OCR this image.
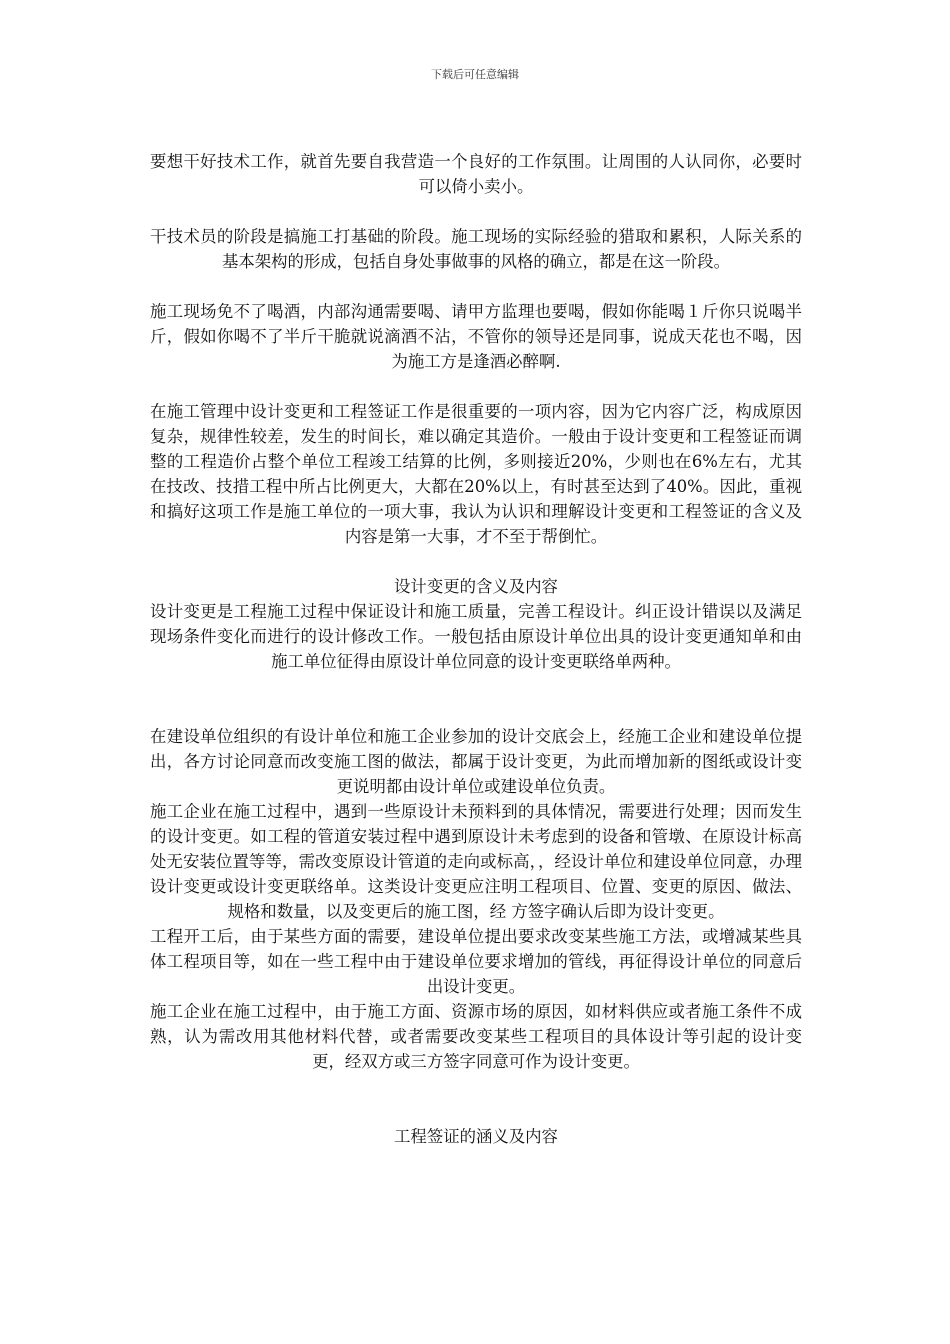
下载后可任意编辑

要想干好技术工作，就首先要自我营造一个良好的工作氛围。让周围的人认同你，必要时可以倚小卖小。

干技术员的阶段是搞施工打基础的阶段。施工现场的实际经验的猎取和累积，人际关系的基本架构的形成，包括自身处事做事的风格的确立，都是在这一阶段。

施工现场免不了喝酒，内部沟通需要喝、请甲方监理也要喝，假如你能喝１斤你只说喝半斤，假如你喝不了半斤干脆就说滴酒不沾，不管你的领导还是同事，说成天花也不喝，因为施工方是逢酒必醉啊.

在施工管理中设计变更和工程签证工作是很重要的一项内容，因为它内容广泛，构成原因复杂，规律性较差，发生的时间长，难以确定其造价。一般由于设计变更和工程签证而调整的工程造价占整个单位工程竣工结算的比例，多则接近20%，少则也在6%左右，尤其在技改、技措工程中所占比例更大，大都在20%以上，有时甚至达到了40%。因此，重视和搞好这项工作是施工单位的一项大事，我认为认识和理解设计变更和工程签证的含义及内容是第一大事，才不至于帮倒忙。

设计变更的含义及内容

设计变更是工程施工过程中保证设计和施工质量，完善工程设计。纠正设计错误以及满足现场条件变化而进行的设计修改工作。一般包括由原设计单位出具的设计变更通知单和由施工单位征得由原设计单位同意的设计变更联络单两种。

在建设单位组织的有设计单位和施工企业参加的设计交底会上，经施工企业和建设单位提出，各方讨论同意而改变施工图的做法，都属于设计变更，为此而增加新的图纸或设计变更说明都由设计单位或建设单位负责。

施工企业在施工过程中，遇到一些原设计未预料到的具体情况，需要进行处理；因而发生的设计变更。如工程的管道安装过程中遇到原设计未考虑到的设备和管墩、在原设计标高处无安装位置等等，需改变原设计管道的走向或标高，，经设计单位和建设单位同意，办理设计变更或设计变更联络单。这类设计变更应注明工程项目、位置、变更的原因、做法、规格和数量，以及变更后的施工图，经 方签字确认后即为设计变更。

工程开工后，由于某些方面的需要，建设单位提出要求改变某些施工方法，或增减某些具体工程项目等，如在一些工程中由于建设单位要求增加的管线，再征得设计单位的同意后出设计变更。

施工企业在施工过程中，由于施工方面、资源市场的原因，如材料供应或者施工条件不成熟，认为需改用其他材料代替，或者需要改变某些工程项目的具体设计等引起的设计变更，经双方或三方签字同意可作为设计变更。

工程签证的涵义及内容
